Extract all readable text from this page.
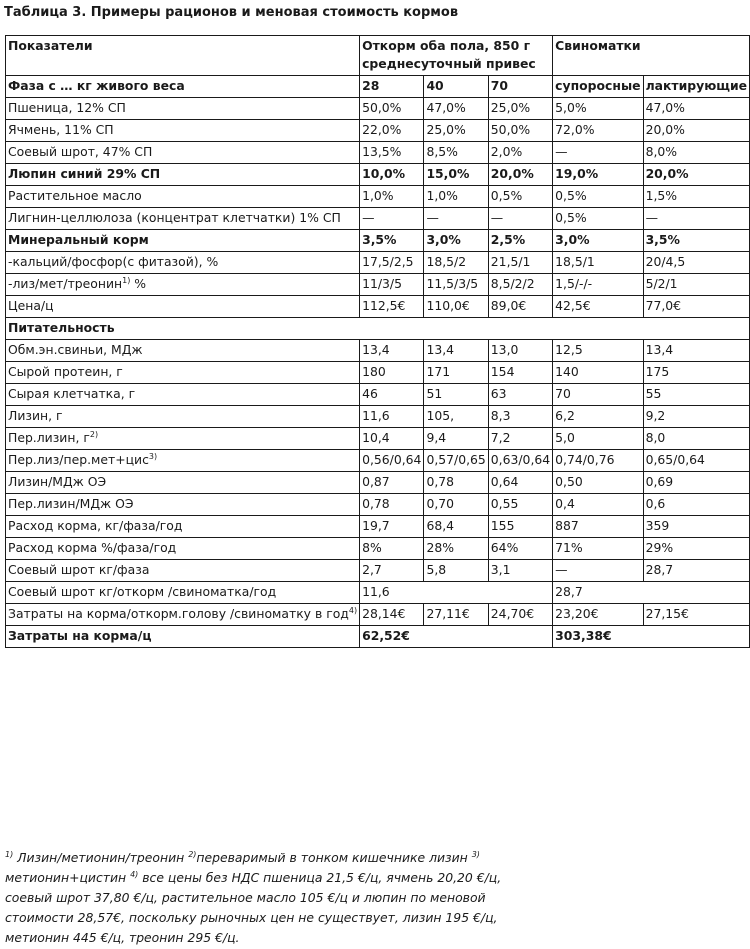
Таблица 3. Примеры рационов и меновая стоимость кормов
Показатели	Откорм оба пола, 850 г среднесуточный привес			Свиноматки	
Фаза с … кг живого веса	28	40	70	супоросные	лактирующие
Пшеница, 12% СП	50,0%	47,0%	25,0%	5,0%	47,0%
Ячмень, 11% СП	22,0%	25,0%	50,0%	72,0%	20,0%
Соевый шрот, 47% СП	13,5%	8,5%	2,0%	—	8,0%
Люпин синий 29% СП	10,0%	15,0%	20,0%	19,0%	20,0%
Растительное масло	1,0%	1,0%	0,5%	0,5%	1,5%
Лигнин-целлюлоза (концентрат клетчатки) 1% СП	—	—	—	0,5%	—
Минеральный корм	3,5%	3,0%	2,5%	3,0%	3,5%
-кальций/фосфор(с фитазой), %	17,5/2,5	18,5/2	21,5/1	18,5/1	20/4,5
-лиз/мет/треонин$^{1)}$ %	11/3/5	11,5/3/5	8,5/2/2	1,5/-/-	5/2/1
Цена/ц	112,5€	110,0€	89,0€	42,5€	77,0€
Питательность					
Обм.эн.свиньи, МДж	13,4	13,4	13,0	12,5	13,4
Сырой протеин, г	180	171	154	140	175
Сырая клетчатка, г	46	51	63	70	55
Лизин, г	11,6	105,	8,3	6,2	9,2
Пер.лизин, $г^{2)}$	10,4	9,4	7,2	5,0	8,0
Пер.лиз/пер.мет+цис$^{3)}$	0,56/0,64	0,57/0,65	0,63/0,64	0,74/0,76	0,65/0,64
Лизин/МДж ОЭ	0,87	0,78	0,64	0,50	0,69
Пер.лизин/МДж ОЭ	0,78	0,70	0,55	0,4	0,6
Расход корма, кг/фаза/год	19,7	68,4	155	887	359
Расход корма %/фаза/год	8%	28%	64%	71%	29%
Соевый шрот кг/фаза	2,7	5,8	3,1	—	28,7
Соевый шрот кг/откорм /свиноматка/год	11,6			28,7	
Затраты на корма/откорм.голову /свиноматку в год$^{4)}$	28,14€	27,11€	24,70€	23,20€	27,15€
Затраты на корма/ц	62,52€			303,38€	
$^{1)}$ Лизин/метионин/треонин $^{2)}$переваримый в тонком кишечнике лизин $^{3)}$ метионин+цистин $^{4)}$ все цены без НДС пшеница 21,5 €/ц, ячмень 20,20 €/ц, соевый шрот 37,80 €/ц, растительное масло 105 €/ц и люпин по меновой стоимости 28,57€, поскольку рыночных цен не существует, лизин 195 €/ц, метионин 445 €/ц, треонин 295 €/ц.
